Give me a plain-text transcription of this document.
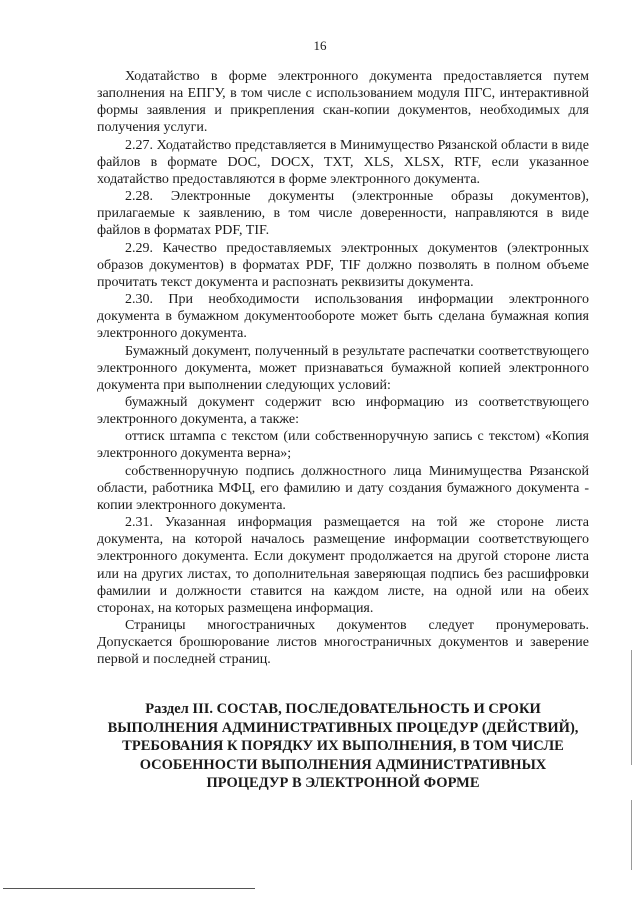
16

Ходатайство в форме электронного документа предоставляется путем заполнения на ЕПГУ, в том числе с использованием модуля ПГС, интерактивной формы заявления и прикрепления скан-копии документов, необходимых для получения услуги.

2.27. Ходатайство представляется в Минимущество Рязанской области в виде файлов в формате DOC, DOCX, TXT, XLS, XLSX, RTF, если указанное ходатайство предоставляются в форме электронного документа.

2.28. Электронные документы (электронные образы документов), прилагаемые к заявлению, в том числе доверенности, направляются в виде файлов в форматах PDF, TIF.

2.29. Качество предоставляемых электронных документов (электронных образов документов) в форматах PDF, TIF должно позволять в полном объеме прочитать текст документа и распознать реквизиты документа.

2.30. При необходимости использования информации электронного документа в бумажном документообороте может быть сделана бумажная копия электронного документа.

Бумажный документ, полученный в результате распечатки соответствующего электронного документа, может признаваться бумажной копией электронного документа при выполнении следующих условий:

бумажный документ содержит всю информацию из соответствующего электронного документа, а также:

оттиск штампа с текстом (или собственноручную запись с текстом) «Копия электронного документа верна»;

собственноручную подпись должностного лица Минимущества Рязанской области, работника МФЦ, его фамилию и дату создания бумажного документа - копии электронного документа.

2.31. Указанная информация размещается на той же стороне листа документа, на которой началось размещение информации соответствующего электронного документа. Если документ продолжается на другой стороне листа или на других листах, то дополнительная заверяющая подпись без расшифровки фамилии и должности ставится на каждом листе, на одной или на обеих сторонах, на которых размещена информация.

Страницы многостраничных документов следует пронумеровать. Допускается брошюрование листов многостраничных документов и заверение первой и последней страниц.

Раздел III. СОСТАВ, ПОСЛЕДОВАТЕЛЬНОСТЬ И СРОКИ
ВЫПОЛНЕНИЯ АДМИНИСТРАТИВНЫХ ПРОЦЕДУР (ДЕЙСТВИЙ),
ТРЕБОВАНИЯ К ПОРЯДКУ ИХ ВЫПОЛНЕНИЯ, В ТОМ ЧИСЛЕ
ОСОБЕННОСТИ ВЫПОЛНЕНИЯ АДМИНИСТРАТИВНЫХ
ПРОЦЕДУР В ЭЛЕКТРОННОЙ ФОРМЕ
